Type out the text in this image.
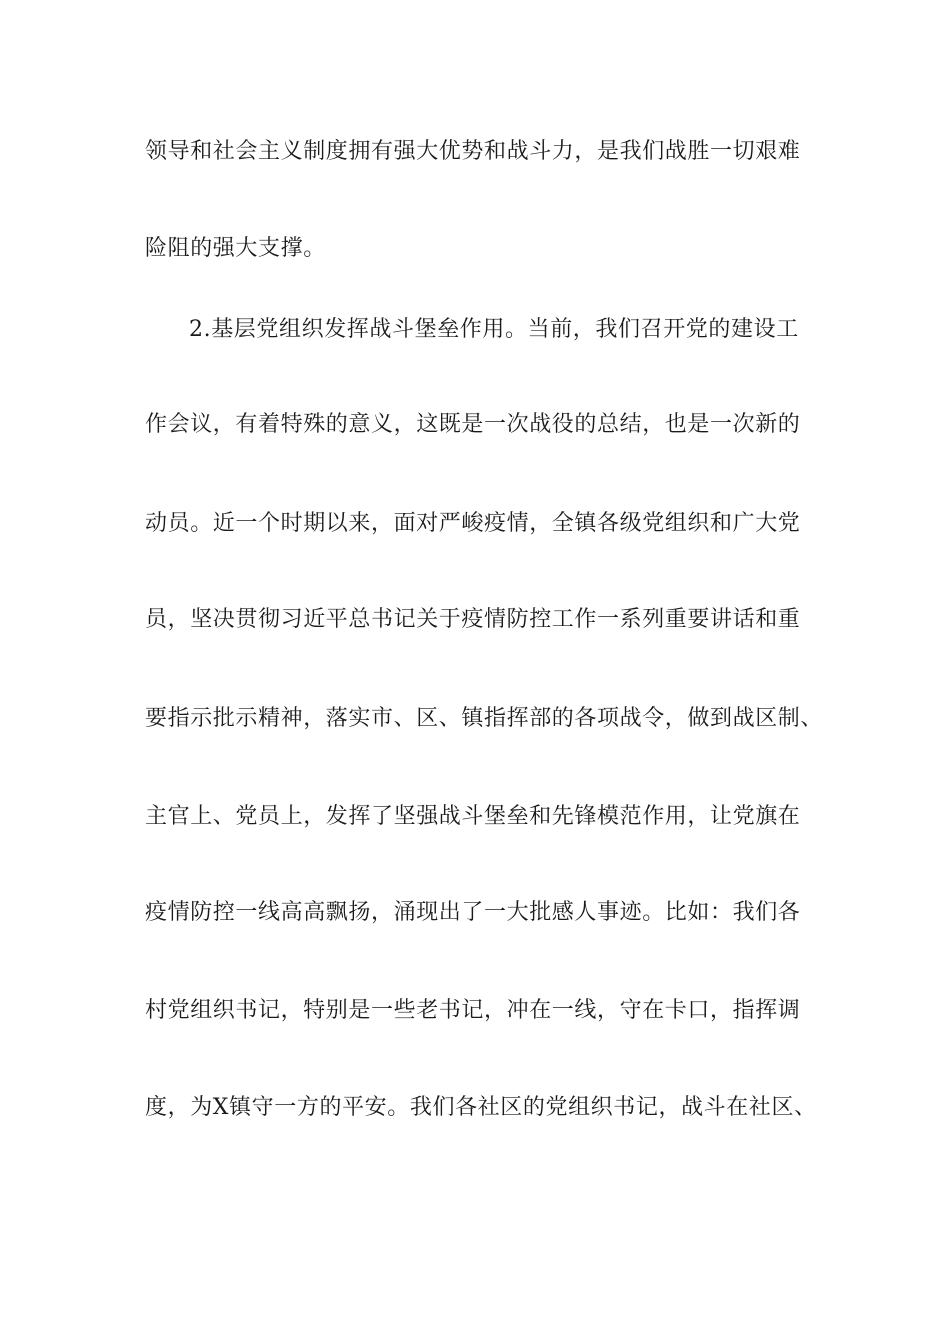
领导和社会主义制度拥有强大优势和战斗力，是我们战胜一切艰难
险阻的强大支撑。
2.基层党组织发挥战斗堡垒作用。当前，我们召开党的建设工
作会议，有着特殊的意义，这既是一次战役的总结，也是一次新的
动员。近一个时期以来，面对严峻疫情，全镇各级党组织和广大党
员，坚决贯彻习近平总书记关于疫情防控工作一系列重要讲话和重
要指示批示精神，落实市、区、镇指挥部的各项战令，做到战区制、
主官上、党员上，发挥了坚强战斗堡垒和先锋模范作用，让党旗在
疫情防控一线高高飘扬，涌现出了一大批感人事迹。比如：我们各
村党组织书记，特别是一些老书记，冲在一线，守在卡口，指挥调
度，为X镇守一方的平安。我们各社区的党组织书记，战斗在社区、
